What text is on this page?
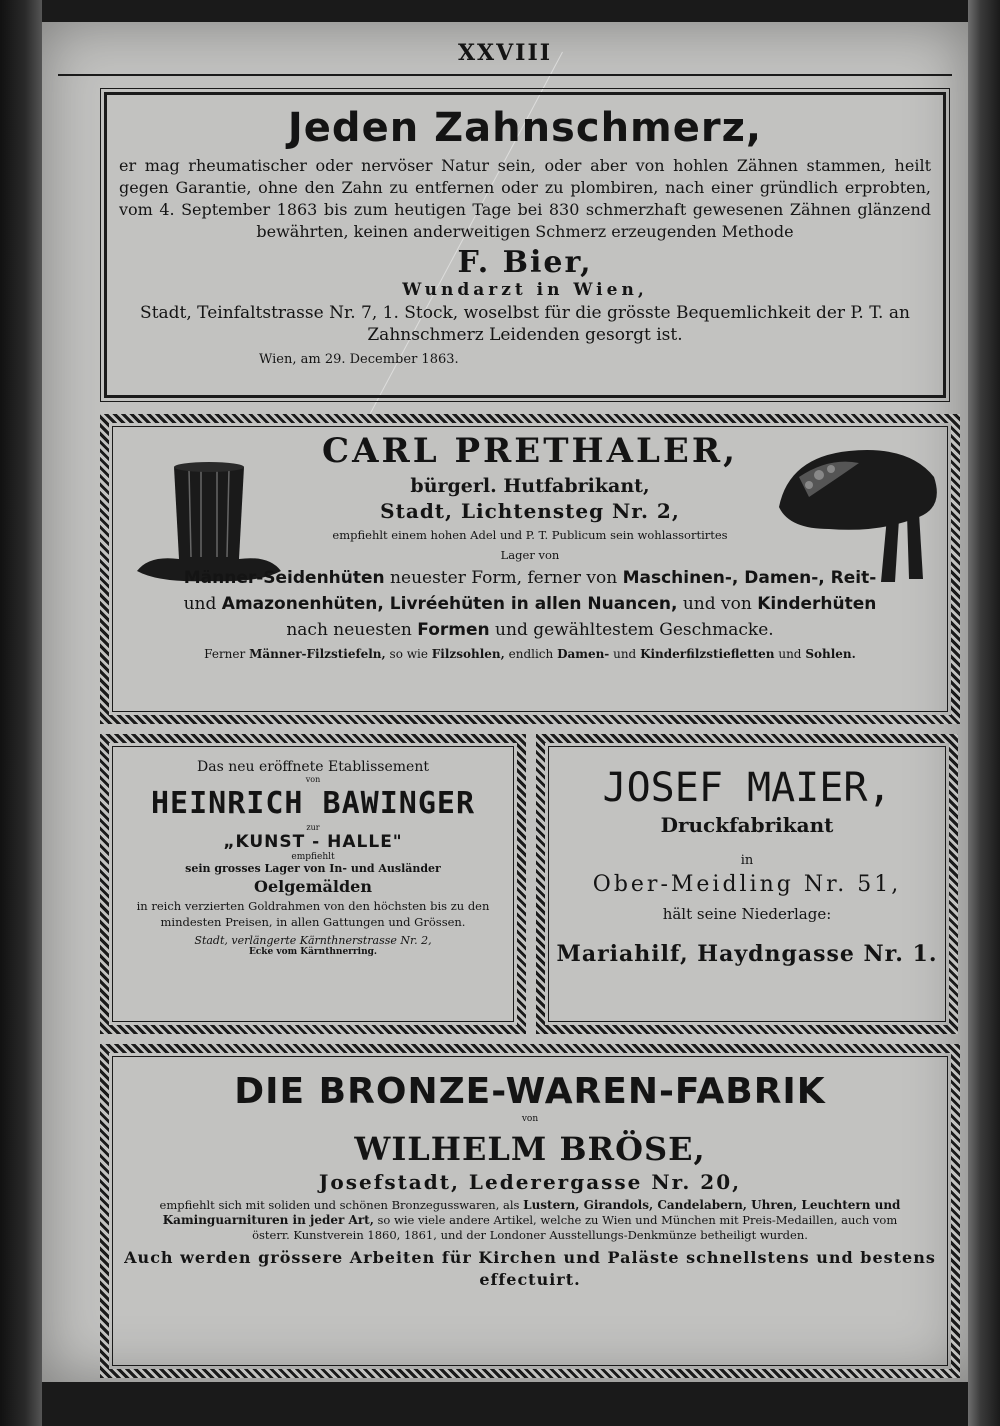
XXVIII
Jeden Zahnschmerz,
er mag rheumatischer oder nervöser Natur sein, oder aber von hohlen Zähnen stammen, heilt gegen Garantie, ohne den Zahn zu entfernen oder zu plombiren, nach einer gründlich erprobten, vom 4. September 1863 bis zum heutigen Tage bei 830 schmerzhaft gewesenen Zähnen glänzend bewährten, keinen anderweitigen Schmerz erzeugenden Methode
F. Bier,
Wundarzt in Wien,
Stadt, Teinfaltstrasse Nr. 7, 1. Stock, woselbst für die grösste Bequemlichkeit der P. T. an Zahnschmerz Leidenden gesorgt ist.
Wien, am 29. December 1863.
CARL PRETHALER,
bürgerl. Hutfabrikant,
Stadt, Lichtensteg Nr. 2,
empfiehlt einem hohen Adel und P. T. Publicum sein wohlassortirtes
Lager von
Männer-Seidenhüten neuester Form, ferner von Maschinen-, Damen-, Reit-
und Amazonenhüten, Livréehüten in allen Nuancen, und von Kinderhüten
nach neuesten Formen und gewähltestem Geschmacke.
Ferner Männer-Filzstiefeln, so wie Filzsohlen, endlich Damen- und Kinderfilzstiefletten und Sohlen.
Das neu eröffnete Etablissement
von
HEINRICH BAWINGER
zur
„KUNST - HALLE"
empfiehlt
sein grosses Lager von In- und Ausländer
Oelgemälden
in reich verzierten Goldrahmen von den höchsten bis zu den mindesten Preisen, in allen Gattungen und Grössen.
Stadt, verlängerte Kärnthnerstrasse Nr. 2,
Ecke vom Kärnthnerring.
JOSEF MAIER,
Druckfabrikant
in
Ober-Meidling Nr. 51,
hält seine Niederlage:
Mariahilf, Haydngasse Nr. 1.
DIE BRONZE-WAREN-FABRIK
von
WILHELM BRÖSE,
Josefstadt, Lederergasse Nr. 20,
empfiehlt sich mit soliden und schönen Bronzegusswaren, als Lustern, Girandols, Candelabern, Uhren, Leuchtern und Kaminguarnituren in jeder Art, so wie viele andere Artikel, welche zu Wien und München mit Preis-Medaillen, auch vom österr. Kunstverein 1860, 1861, und der Londoner Ausstellungs-Denkmünze betheiligt wurden.
Auch werden grössere Arbeiten für Kirchen und Paläste schnellstens und bestens effectuirt.
